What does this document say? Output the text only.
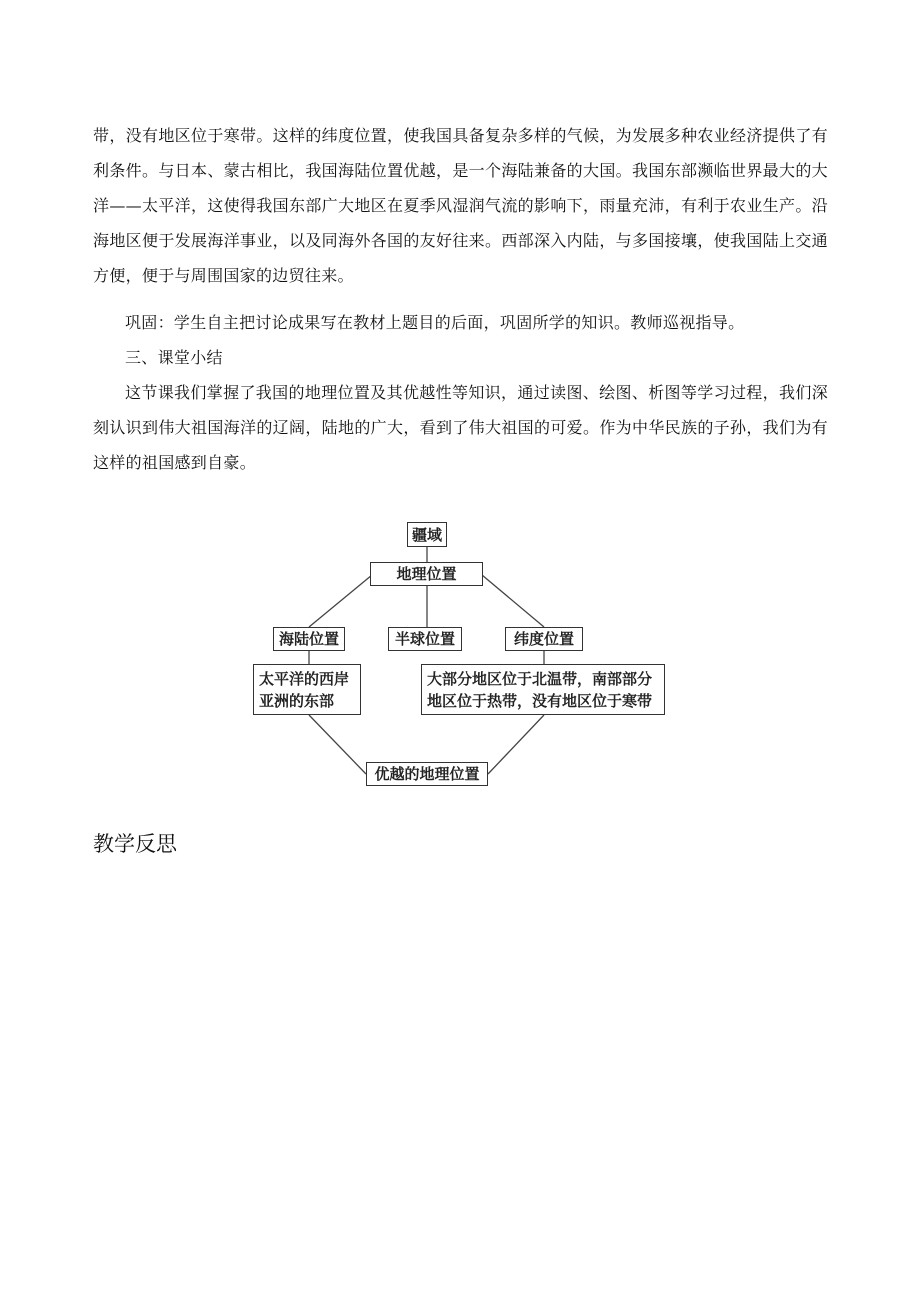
带，没有地区位于寒带。这样的纬度位置，使我国具备复杂多样的气候，为发展多种农业经济提供了有利条件。与日本、蒙古相比，我国海陆位置优越，是一个海陆兼备的大国。我国东部濒临世界最大的大洋——太平洋，这使得我国东部广大地区在夏季风湿润气流的影响下，雨量充沛，有利于农业生产。沿海地区便于发展海洋事业，以及同海外各国的友好往来。西部深入内陆，与多国接壤，使我国陆上交通方便，便于与周围国家的边贸往来。

巩固：学生自主把讨论成果写在教材上题目的后面，巩固所学的知识。教师巡视指导。

三、课堂小结

这节课我们掌握了我国的地理位置及其优越性等知识，通过读图、绘图、析图等学习过程，我们深刻认识到伟大祖国海洋的辽阔，陆地的广大，看到了伟大祖国的可爱。作为中华民族的子孙，我们为有这样的祖国感到自豪。

疆域
地理位置
海陆位置	半球位置	纬度位置
太平洋的西岸
亚洲的东部
大部分地区位于北温带，南部部分
地区位于热带，没有地区位于寒带
优越的地理位置
教学反思
